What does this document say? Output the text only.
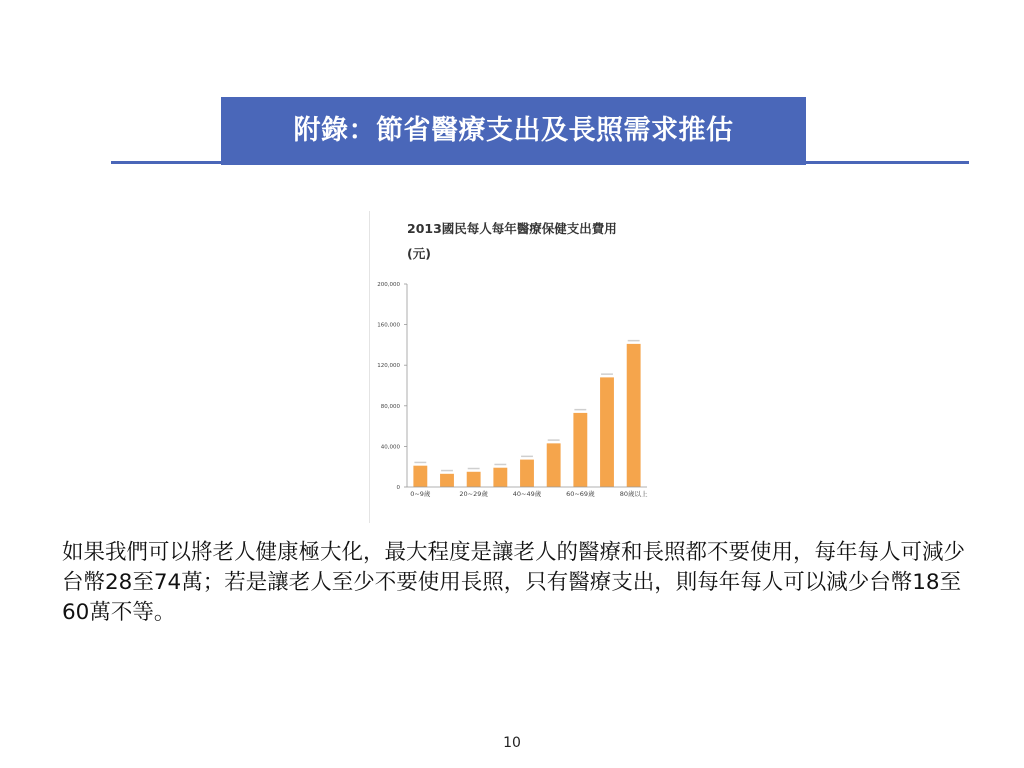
附錄：節省醫療支出及長照需求推估
2013國民每人每年醫療保健支出費用
(元)
0
40,000
80,000
120,000
160,000
200,000
0~9歲	20~29歲	40~49歲	60~69歲	80歲以上

如果我們可以將老人健康極大化，最大程度是讓老人的醫療和長照都不要使用，每年每人可減少台幣28至74萬；若是讓老人至少不要使用長照，只有醫療支出，則每年每人可以減少台幣18至60萬不等。

10
